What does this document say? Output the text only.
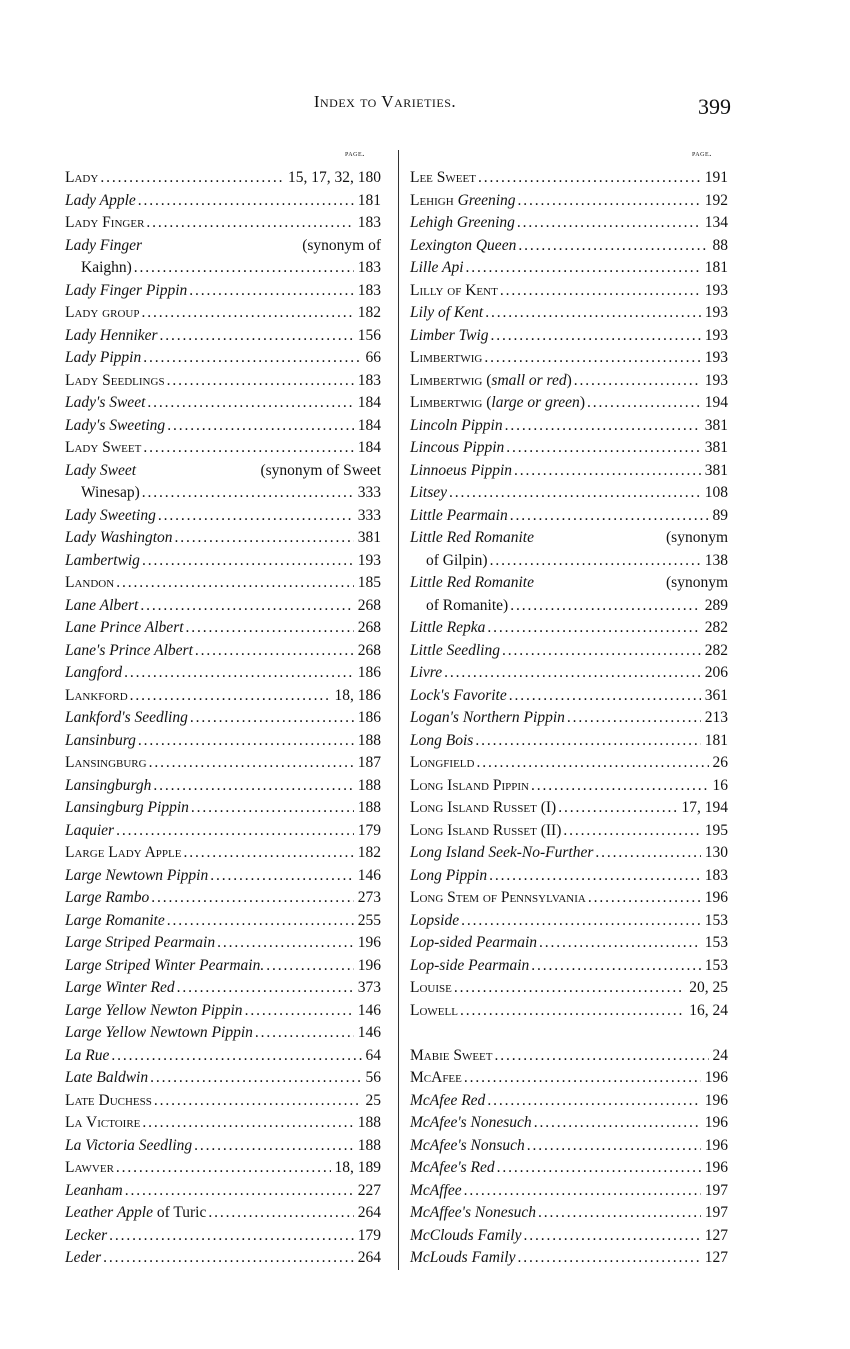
Index to Varieties.	399
page.	page.
Lady . . .	15, 17, 32, 180
Lady Apple . . .	181
Lady Finger . . .	183
Lady Finger	(synonym of
Kaighn) . . .	183
Lady Finger Pippin . . .	183
Lady group . . .	182
Lady Henniker . . .	156
Lady Pippin . . .	66
Lady Seedlings . . .	183
Lady's Sweet . . .	184
Lady's Sweeting . . .	184
Lady Sweet . . .	184
Lady Sweet	(synonym of Sweet
Winesap) . . .	333
Lady Sweeting . . .	333
Lady Washington . . .	381
Lambertwig . . .	193
Landon . . .	185
Lane Albert . . .	268
Lane Prince Albert . . .	268
Lane's Prince Albert . . .	268
Langford . . .	186
Lankford . . .	18, 186
Lankford's Seedling . . .	186
Lansinburg . . .	188
Lansingburg . . .	187
Lansingburgh . . .	188
Lansingburg Pippin . . .	188
Laquier . . .	179
Large Lady Apple . . .	182
Large Newtown Pippin . . .	146
Large Rambo . . .	273
Large Romanite . . .	255
Large Striped Pearmain . . .	196
Large Striped Winter Pearmain. . . .	196
Large Winter Red . . .	373
Large Yellow Newton Pippin . . .	146
Large Yellow Newtown Pippin . . .	146
La Rue . . .	64
Late Baldwin . . .	56
Late Duchess . . .	25
La Victoire . . .	188
La Victoria Seedling . . .	188
Lawver . . .	18, 189
Leanham . . .	227
Leather Apple of Turic . . .	264
Lecker . . .	179
Leder . . .	264
Lee Sweet . . .	191
Lehigh Greening . . .	192
Lehigh Greening . . .	134
Lexington Queen . . .	88
Lille Api . . .	181
Lilly of Kent . . .	193
Lily of Kent . . .	193
Limber Twig . . .	193
Limbertwig . . .	193
Limbertwig (small or red) . . .	193
Limbertwig (large or green) . . .	194
Lincoln Pippin . . .	381
Lincous Pippin . . .	381
Linnoeus Pippin . . .	381
Litsey . . .	108
Little Pearmain . . .	89
Little Red Romanite	(synonym
of Gilpin) . . .	138
Little Red Romanite	(synonym
of Romanite) . . .	289
Little Repka . . .	282
Little Seedling . . .	282
Livre . . .	206
Lock's Favorite . . .	361
Logan's Northern Pippin . . .	213
Long Bois . . .	181
Longfield . . .	26
Long Island Pippin . . .	16
Long Island Russet (I) . . .	17, 194
Long Island Russet (II) . . .	195
Long Island Seek-No-Further . . .	130
Long Pippin . . .	183
Long Stem of Pennsylvania . . .	196
Lopside . . .	153
Lop-sided Pearmain . . .	153
Lop-side Pearmain . . .	153
Louise . . .	20, 25
Lowell . . .	16, 24
Mabie Sweet . . .	24
McAfee . . .	196
McAfee Red . . .	196
McAfee's Nonesuch . . .	196
McAfee's Nonsuch . . .	196
McAfee's Red . . .	196
McAffee . . .	197
McAffee's Nonesuch . . .	197
McClouds Family . . .	127
McLouds Family . . .	127
